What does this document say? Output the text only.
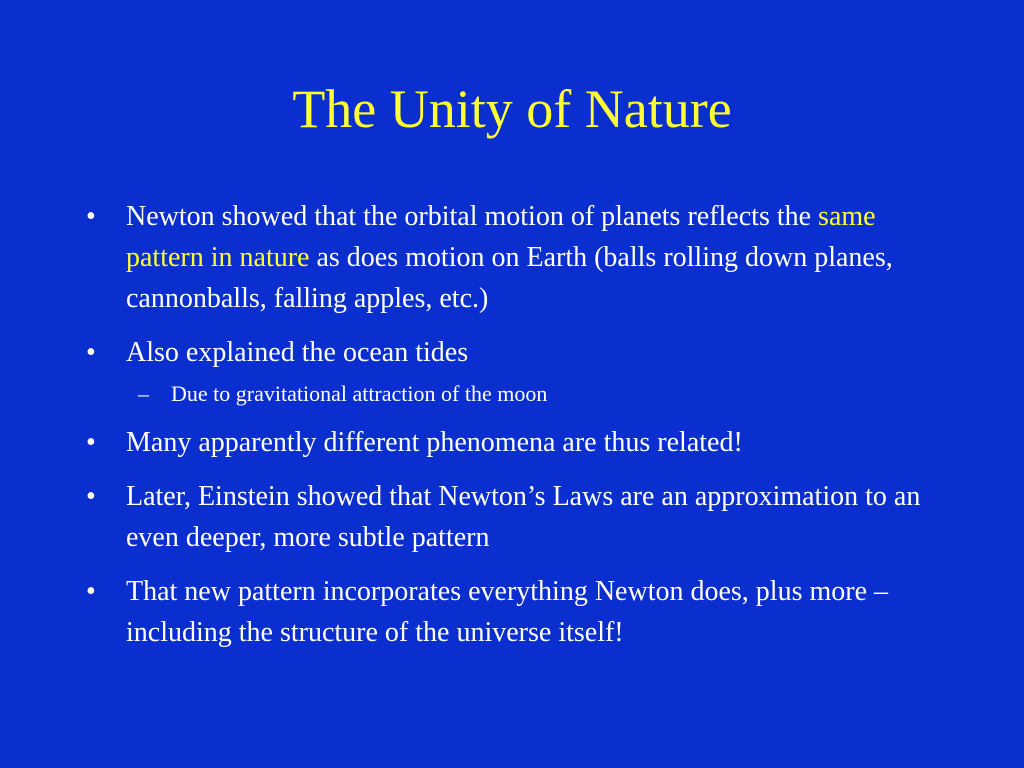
The Unity of Nature
• Newton showed that the orbital motion of planets reflects the same pattern in nature as does motion on Earth (balls rolling down planes, cannonballs, falling apples, etc.)
• Also explained the ocean tides
– Due to gravitational attraction of the moon
• Many apparently different phenomena are thus related!
• Later, Einstein showed that Newton’s Laws are an approximation to an even deeper, more subtle pattern
• That new pattern incorporates everything Newton does, plus more – including the structure of the universe itself!
